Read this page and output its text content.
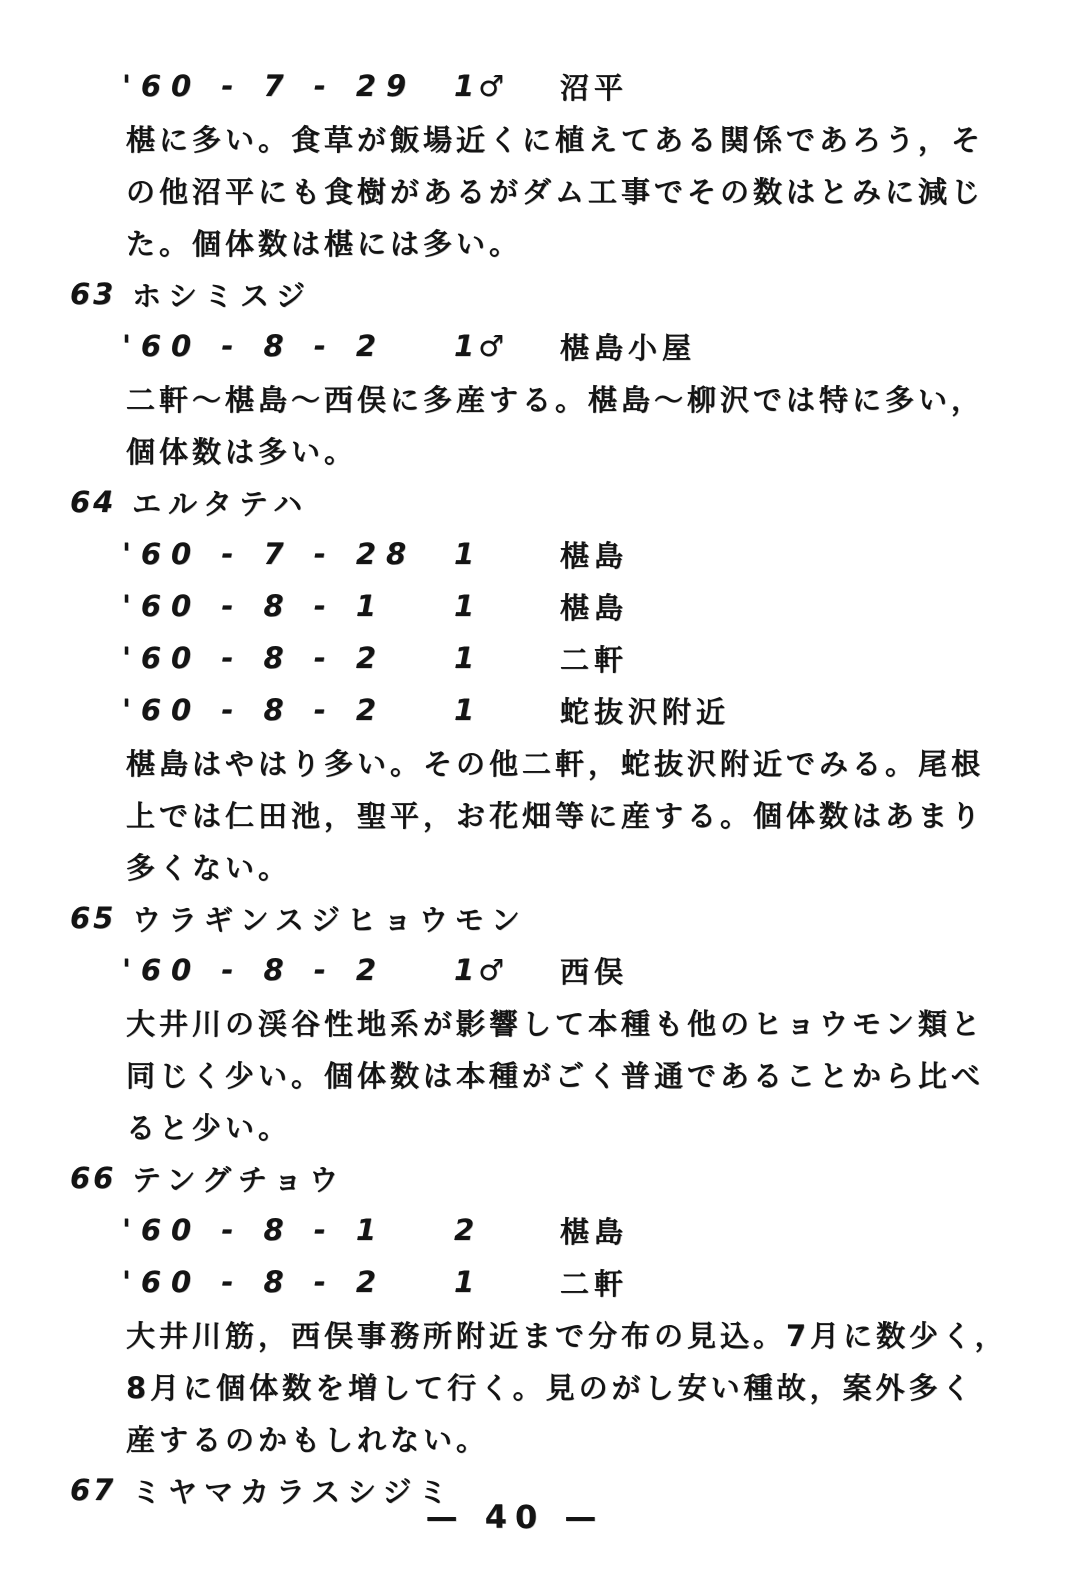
'60 - 7 - 29	1♂	沼平
椹に多い。食草が飯場近くに植えてある関係であろう，そ
の他沼平にも食樹があるがダム工事でその数はとみに減じ
た。個体数は椹には多い。
63 ホシミスジ
'60 - 8 - 2	1♂	椹島小屋
二軒～椹島～西俣に多産する。椹島～柳沢では特に多い，
個体数は多い。
64 エルタテハ
'60 - 7 - 28	1	椹島
'60 - 8 - 1	1	椹島
'60 - 8 - 2	1	二軒
'60 - 8 - 2	1	蛇抜沢附近
椹島はやはり多い。その他二軒，蛇抜沢附近でみる。尾根
上では仁田池，聖平，お花畑等に産する。個体数はあまり
多くない。
65 ウラギンスジヒョウモン
'60 - 8 - 2	1♂	西俣
大井川の渓谷性地系が影響して本種も他のヒョウモン類と
同じく少い。個体数は本種がごく普通であることから比べ
ると少い。
66 テングチョウ
'60 - 8 - 1	2	椹島
'60 - 8 - 2	1	二軒
大井川筋，西俣事務所附近まで分布の見込。7月に数少く，
8月に個体数を増して行く。見のがし安い種故，案外多く
産するのかもしれない。
67 ミヤマカラスシジミ
— 40 —
